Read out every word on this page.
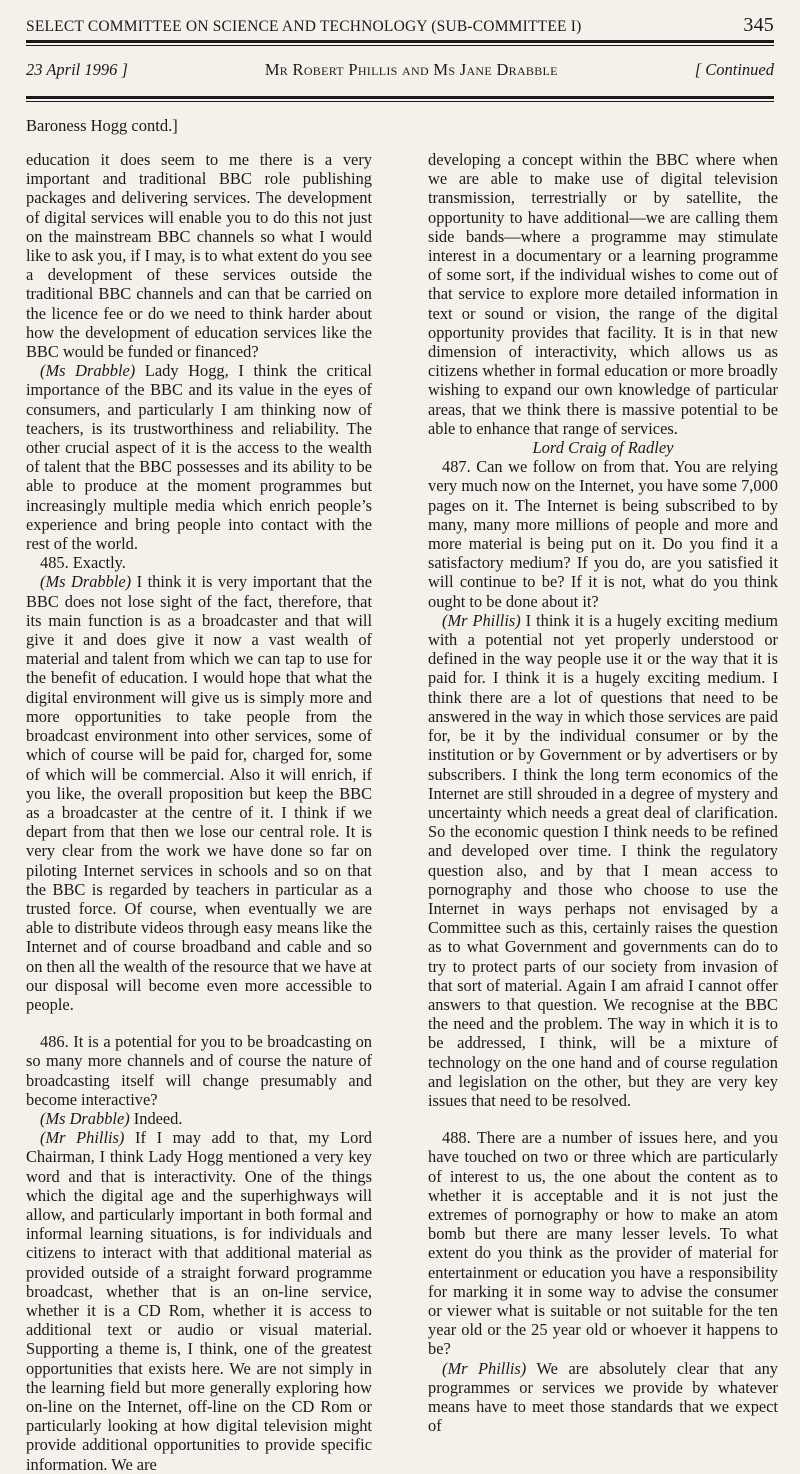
SELECT COMMITTEE ON SCIENCE AND TECHNOLOGY (SUB-COMMITTEE I)	345
23 April 1996 ]	Mr Robert Phillis and Ms Jane Drabble	[ Continued
Baroness Hogg contd.]

education it does seem to me there is a very important and traditional BBC role publishing packages and delivering services. The development of digital services will enable you to do this not just on the mainstream BBC channels so what I would like to ask you, if I may, is to what extent do you see a development of these services outside the traditional BBC channels and can that be carried on the licence fee or do we need to think harder about how the development of education services like the BBC would be funded or financed?

(Ms Drabble) Lady Hogg, I think the critical importance of the BBC and its value in the eyes of consumers, and particularly I am thinking now of teachers, is its trustworthiness and reliability. The other crucial aspect of it is the access to the wealth of talent that the BBC possesses and its ability to be able to produce at the moment programmes but increasingly multiple media which enrich people’s experience and bring people into contact with the rest of the world.

485. Exactly.

(Ms Drabble) I think it is very important that the BBC does not lose sight of the fact, therefore, that its main function is as a broadcaster and that will give it and does give it now a vast wealth of material and talent from which we can tap to use for the benefit of education. I would hope that what the digital environment will give us is simply more and more opportunities to take people from the broadcast environment into other services, some of which of course will be paid for, charged for, some of which will be commercial. Also it will enrich, if you like, the overall proposition but keep the BBC as a broadcaster at the centre of it. I think if we depart from that then we lose our central role. It is very clear from the work we have done so far on piloting Internet services in schools and so on that the BBC is regarded by teachers in particular as a trusted force. Of course, when eventually we are able to distribute videos through easy means like the Internet and of course broadband and cable and so on then all the wealth of the resource that we have at our disposal will become even more accessible to people.

486. It is a potential for you to be broadcasting on so many more channels and of course the nature of broadcasting itself will change presumably and become interactive?

(Ms Drabble) Indeed.

(Mr Phillis) If I may add to that, my Lord Chairman, I think Lady Hogg mentioned a very key word and that is interactivity. One of the things which the digital age and the superhighways will allow, and particularly important in both formal and informal learning situations, is for individuals and citizens to interact with that additional material as provided outside of a straight forward programme broadcast, whether that is an on-line service, whether it is a CD Rom, whether it is access to additional text or audio or visual material. Supporting a theme is, I think, one of the greatest opportunities that exists here. We are not simply in the learning field but more generally exploring how on-line on the Internet, off-line on the CD Rom or particularly looking at how digital television might provide additional opportunities to provide specific information. We are

developing a concept within the BBC where when we are able to make use of digital television transmission, terrestrially or by satellite, the opportunity to have additional—we are calling them side bands—where a programme may stimulate interest in a documentary or a learning programme of some sort, if the individual wishes to come out of that service to explore more detailed information in text or sound or vision, the range of the digital opportunity provides that facility. It is in that new dimension of interactivity, which allows us as citizens whether in formal education or more broadly wishing to expand our own knowledge of particular areas, that we think there is massive potential to be able to enhance that range of services.

Lord Craig of Radley

487. Can we follow on from that. You are relying very much now on the Internet, you have some 7,000 pages on it. The Internet is being subscribed to by many, many more millions of people and more and more material is being put on it. Do you find it a satisfactory medium? If you do, are you satisfied it will continue to be? If it is not, what do you think ought to be done about it?

(Mr Phillis) I think it is a hugely exciting medium with a potential not yet properly understood or defined in the way people use it or the way that it is paid for. I think it is a hugely exciting medium. I think there are a lot of questions that need to be answered in the way in which those services are paid for, be it by the individual consumer or by the institution or by Government or by advertisers or by subscribers. I think the long term economics of the Internet are still shrouded in a degree of mystery and uncertainty which needs a great deal of clarification. So the economic question I think needs to be refined and developed over time. I think the regulatory question also, and by that I mean access to pornography and those who choose to use the Internet in ways perhaps not envisaged by a Committee such as this, certainly raises the question as to what Government and governments can do to try to protect parts of our society from invasion of that sort of material. Again I am afraid I cannot offer answers to that question. We recognise at the BBC the need and the problem. The way in which it is to be addressed, I think, will be a mixture of technology on the one hand and of course regulation and legislation on the other, but they are very key issues that need to be resolved.

488. There are a number of issues here, and you have touched on two or three which are particularly of interest to us, the one about the content as to whether it is acceptable and it is not just the extremes of pornography or how to make an atom bomb but there are many lesser levels. To what extent do you think as the provider of material for entertainment or education you have a responsibility for marking it in some way to advise the consumer or viewer what is suitable or not suitable for the ten year old or the 25 year old or whoever it happens to be?

(Mr Phillis) We are absolutely clear that any programmes or services we provide by whatever means have to meet those standards that we expect of
